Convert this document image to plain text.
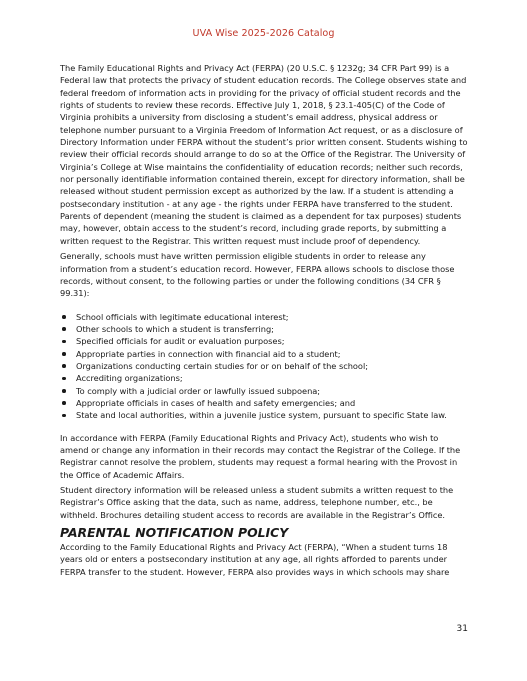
UVA Wise 2025-2026 Catalog

The Family Educational Rights and Privacy Act (FERPA) (20 U.S.C. § 1232g; 34 CFR Part 99) is a Federal law that protects the privacy of student education records. The College observes state and federal freedom of information acts in providing for the privacy of official student records and the rights of students to review these records. Effective July 1, 2018, § 23.1-405(C) of the Code of Virginia prohibits a university from disclosing a student’s email address, physical address or telephone number pursuant to a Virginia Freedom of Information Act request, or as a disclosure of Directory Information under FERPA without the student’s prior written consent. Students wishing to review their official records should arrange to do so at the Office of the Registrar. The University of Virginia’s College at Wise maintains the confidentiality of education records; neither such records, nor personally identifiable information contained therein, except for directory information, shall be released without student permission except as authorized by the law. If a student is attending a postsecondary institution - at any age - the rights under FERPA have transferred to the student. Parents of dependent (meaning the student is claimed as a dependent for tax purposes) students may, however, obtain access to the student’s record, including grade reports, by submitting a written request to the Registrar. This written request must include proof of dependency.

Generally, schools must have written permission eligible students in order to release any information from a student’s education record. However, FERPA allows schools to disclose those records, without consent, to the following parties or under the following conditions (34 CFR § 99.31):

School officials with legitimate educational interest;
Other schools to which a student is transferring;
Specified officials for audit or evaluation purposes;
Appropriate parties in connection with financial aid to a student;
Organizations conducting certain studies for or on behalf of the school;
Accrediting organizations;
To comply with a judicial order or lawfully issued subpoena;
Appropriate officials in cases of health and safety emergencies; and
State and local authorities, within a juvenile justice system, pursuant to specific State law.

In accordance with FERPA (Family Educational Rights and Privacy Act), students who wish to amend or change any information in their records may contact the Registrar of the College. If the Registrar cannot resolve the problem, students may request a formal hearing with the Provost in the Office of Academic Affairs.

Student directory information will be released unless a student submits a written request to the Registrar’s Office asking that the data, such as name, address, telephone number, etc., be withheld. Brochures detailing student access to records are available in the Registrar’s Office.

PARENTAL NOTIFICATION POLICY

According to the Family Educational Rights and Privacy Act (FERPA), “When a student turns 18 years old or enters a postsecondary institution at any age, all rights afforded to parents under FERPA transfer to the student. However, FERPA also provides ways in which schools may share

31
